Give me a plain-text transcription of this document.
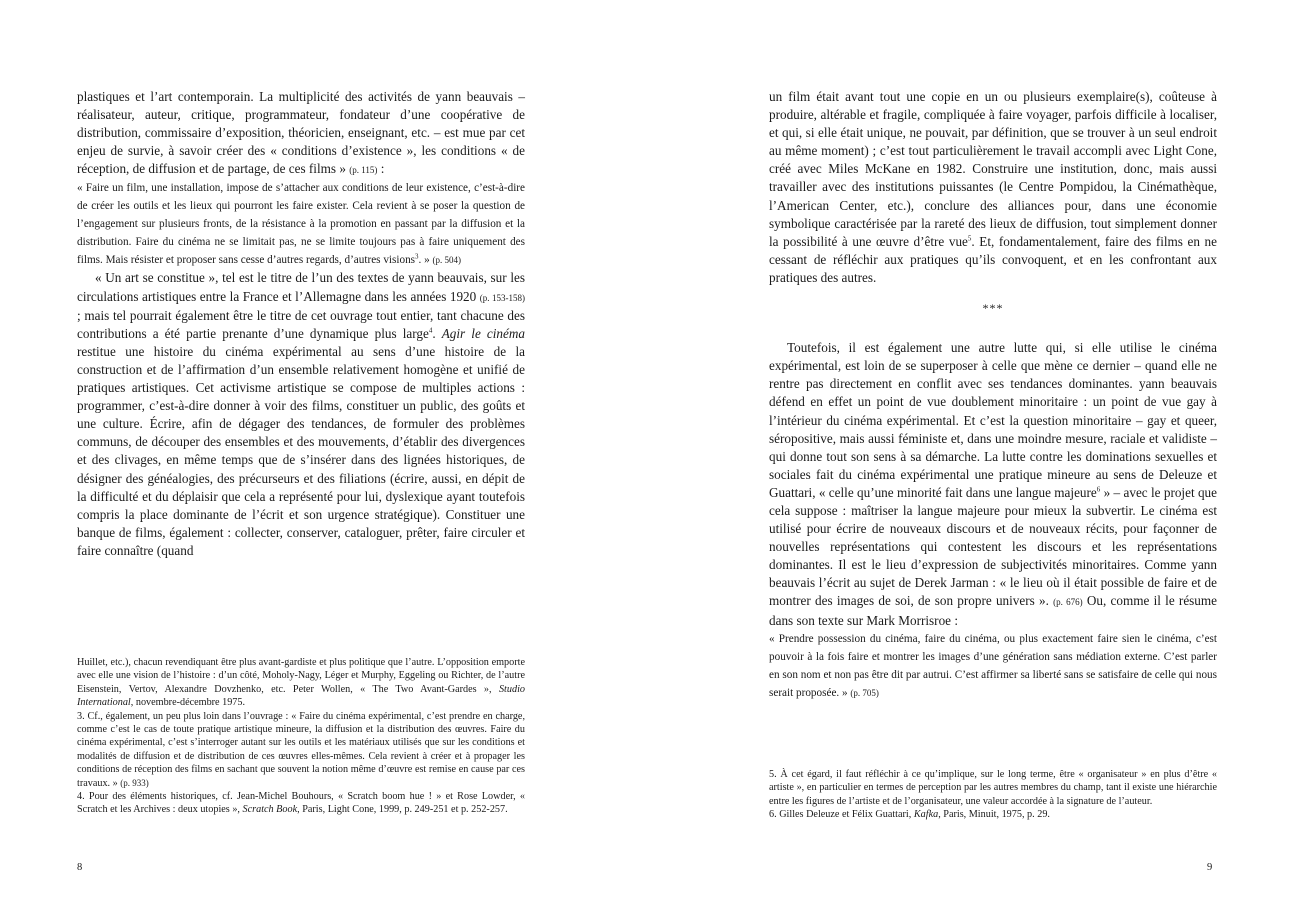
plastiques et l’art contemporain. La multiplicité des activités de yann beauvais – réalisateur, auteur, critique, programmateur, fondateur d’une coopérative de distribution, commissaire d’exposition, théoricien, enseignant, etc. – est mue par cet enjeu de survie, à savoir créer des « conditions d’existence », les conditions « de réception, de diffusion et de partage, de ces films » (p. 115) :

« Faire un film, une installation, impose de s’attacher aux conditions de leur existence, c’est-à-dire de créer les outils et les lieux qui pourront les faire exister. Cela revient à se poser la question de l’engagement sur plusieurs fronts, de la résistance à la promotion en passant par la diffusion et la distribution. Faire du cinéma ne se limitait pas, ne se limite toujours pas à faire uniquement des films. Mais résister et proposer sans cesse d’autres regards, d’autres visions$^3$. » (p. 504)

« Un art se constitue », tel est le titre de l’un des textes de yann beauvais, sur les circulations artistiques entre la France et l’Allemagne dans les années 1920 (p. 153-158) ; mais tel pourrait également être le titre de cet ouvrage tout entier, tant chacune des contributions a été partie prenante d’une dynamique plus large$^4$. Agir le cinéma restitue une histoire du cinéma expérimental au sens d’une histoire de la construction et de l’affirmation d’un ensemble relativement homogène et unifié de pratiques artistiques. Cet activisme artistique se compose de multiples actions : programmer, c’est-à-dire donner à voir des films, constituer un public, des goûts et une culture. Écrire, afin de dégager des tendances, de formuler des problèmes communs, de découper des ensembles et des mouvements, d’établir des divergences et des clivages, en même temps que de s’insérer dans des lignées historiques, de désigner des généalogies, des précurseurs et des filiations (écrire, aussi, en dépit de la difficulté et du déplaisir que cela a représenté pour lui, dyslexique ayant toutefois compris la place dominante de l’écrit et son urgence stratégique). Constituer une banque de films, également : collecter, conserver, cataloguer, prêter, faire circuler et faire connaître (quand

Huillet, etc.), chacun revendiquant être plus avant-gardiste et plus politique que l’autre. L’opposition emporte avec elle une vision de l’histoire : d’un côté, Moholy-Nagy, Léger et Murphy, Eggeling ou Richter, de l’autre Eisenstein, Vertov, Alexandre Dovzhenko, etc. Peter Wollen, « The Two Avant-Gardes », Studio International, novembre-décembre 1975.

3. Cf., également, un peu plus loin dans l’ouvrage : « Faire du cinéma expérimental, c’est prendre en charge, comme c’est le cas de toute pratique artistique mineure, la diffusion et la distribution des œuvres. Faire du cinéma expérimental, c’est s’interroger autant sur les outils et les matériaux utilisés que sur les conditions et modalités de diffusion et de distribution de ces œuvres elles-mêmes. Cela revient à créer et à propager les conditions de réception des films en sachant que souvent la notion même d’œuvre est remise en cause par ces travaux. » (p. 933)

4. Pour des éléments historiques, cf. Jean-Michel Bouhours, « Scratch boom hue ! » et Rose Lowder, « Scratch et les Archives : deux utopies », Scratch Book, Paris, Light Cone, 1999, p. 249-251 et p. 252-257.

8

un film était avant tout une copie en un ou plusieurs exemplaire(s), coûteuse à produire, altérable et fragile, compliquée à faire voyager, parfois difficile à localiser, et qui, si elle était unique, ne pouvait, par définition, que se trouver à un seul endroit au même moment) ; c’est tout particulièrement le travail accompli avec Light Cone, créé avec Miles McKane en 1982. Construire une institution, donc, mais aussi travailler avec des institutions puissantes (le Centre Pompidou, la Cinémathèque, l’American Center, etc.), conclure des alliances pour, dans une économie symbolique caractérisée par la rareté des lieux de diffusion, tout simplement donner la possibilité à une œuvre d’être vue$^5$. Et, fondamentalement, faire des films en ne cessant de réfléchir aux pratiques qu’ils convoquent, et en les confrontant aux pratiques des autres.

***

Toutefois, il est également une autre lutte qui, si elle utilise le cinéma expérimental, est loin de se superposer à celle que mène ce dernier – quand elle ne rentre pas directement en conflit avec ses tendances dominantes. yann beauvais défend en effet un point de vue doublement minoritaire : un point de vue gay à l’intérieur du cinéma expérimental. Et c’est la question minoritaire – gay et queer, séropositive, mais aussi féministe et, dans une moindre mesure, raciale et validiste – qui donne tout son sens à sa démarche. La lutte contre les dominations sexuelles et sociales fait du cinéma expérimental une pratique mineure au sens de Deleuze et Guattari, « celle qu’une minorité fait dans une langue majeure$^6$ » – avec le projet que cela suppose : maîtriser la langue majeure pour mieux la subvertir. Le cinéma est utilisé pour écrire de nouveaux discours et de nouveaux récits, pour façonner de nouvelles représentations qui contestent les discours et les représentations dominantes. Il est le lieu d’expression de subjectivités minoritaires. Comme yann beauvais l’écrit au sujet de Derek Jarman : « le lieu où il était possible de faire et de montrer des images de soi, de son propre univers ». (p. 676) Ou, comme il le résume dans son texte sur Mark Morrisroe :

« Prendre possession du cinéma, faire du cinéma, ou plus exactement faire sien le cinéma, c’est pouvoir à la fois faire et montrer les images d’une génération sans médiation externe. C’est parler en son nom et non pas être dit par autrui. C’est affirmer sa liberté sans se satisfaire de celle qui nous serait proposée. » (p. 705)

5. À cet égard, il faut réfléchir à ce qu’implique, sur le long terme, être « organisateur » en plus d’être « artiste », en particulier en termes de perception par les autres membres du champ, tant il existe une hiérarchie entre les figures de l’artiste et de l’organisateur, une valeur accordée à la signature de l’auteur.

6. Gilles Deleuze et Félix Guattari, Kafka, Paris, Minuit, 1975, p. 29.

9
